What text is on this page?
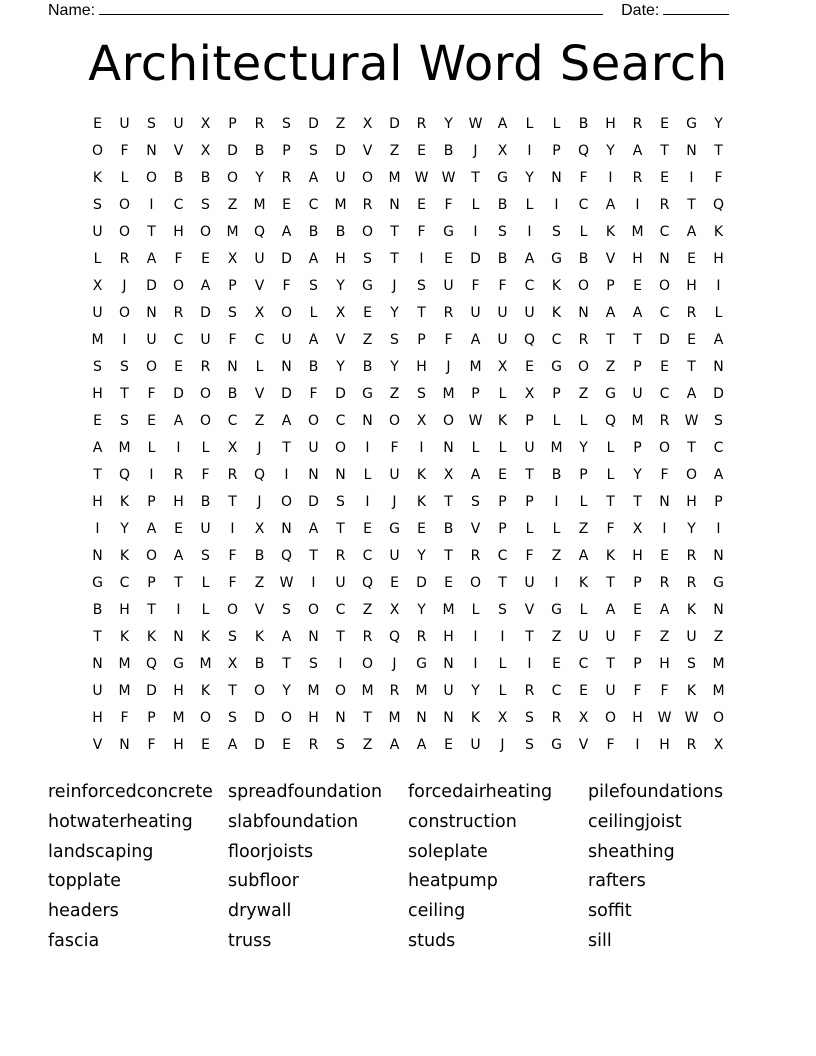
Name:	Date:
Architectural Word Search
E	U	S	U	X	P	R	S	D	Z	X	D	R	Y	W	A	L	L	B	H	R	E	G	Y
O	F	N	V	X	D	B	P	S	D	V	Z	E	B	J	X	I	P	Q	Y	A	T	N	T
K	L	O	B	B	O	Y	R	A	U	O	M	W W	T	G	Y	N	F	I	R	E	I	F
S	O	I	C	S	Z	M	E	C	M	R	N	E	F	L	B	L	I	C	A	I	R	T	Q
U	O	T	H	O	M	Q	A	B	B	O	T	F	G	I	S	I	S	L	K	M	C	A	K
L	R	A	F	E	X	U	D	A	H	S	T	I	E	D	B	A	G	B	V	H	N	E	H
X	J	D	O	A	P	V	F	S	Y	G	J	S	U	F	F	C	K	O	P	E	O	H	I
U	O	N	R	D	S	X	O	L	X	E	Y	T	R	U	U	U	K	N	A	A	C	R	L
M	I	U	C	U	F	C	U	A	V	Z	S	P	F	A	U	Q	C	R	T	T	D	E	A
S	S	O	E	R	N	L	N	B	Y	B	Y	H	J	M	X	E	G	O	Z	P	E	T	N
H	T	F	D	O	B	V	D	F	D	G	Z	S	M	P	L	X	P	Z	G	U	C	A	D
E	S	E	A	O	C	Z	A	O	C	N	O	X	O	W	K	P	L	L	Q	M	R	W	S
A	M	L	I	L	X	J	T	U	O	I	F	I	N	L	L	U	M	Y	L	P	O	T	C
T	Q	I	R	F	R	Q	I	N	N	L	U	K	X	A	E	T	B	P	L	Y	F	O	A
H	K	P	H	B	T	J	O	D	S	I	J	K	T	S	P	P	I	L	T	T	N	H	P
I	Y	A	E	U	I	X	N	A	T	E	G	E	B	V	P	L	L	Z	F	X	I	Y	I
N	K	O	A	S	F	B	Q	T	R	C	U	Y	T	R	C	F	Z	A	K	H	E	R	N
G	C	P	T	L	F	Z	W	I	U	Q	E	D	E	O	T	U	I	K	T	P	R	R	G
B	H	T	I	L	O	V	S	O	C	Z	X	Y	M	L	S	V	G	L	A	E	A	K	N
T	K	K	N	K	S	K	A	N	T	R	Q	R	H	I	I	T	Z	U	U	F	Z	U	Z
N	M	Q	G	M	X	B	T	S	I	O	J	G	N	I	L	I	E	C	T	P	H	S	M
U	M	D	H	K	T	O	Y	M	O	M	R	M	U	Y	L	R	C	E	U	F	F	K	M
H	F	P	M	O	S	D	O	H	N	T	M	N	N	K	X	S	R	X	O	H	W W	O
V	N	F	H	E	A	D	E	R	S	Z	A	A	E	U	J	S	G	V	F	I	H	R	X
reinforcedconcrete spreadfoundation	forcedairheating	pilefoundations
hotwaterheating	slabfoundation	construction	ceilingjoist
landscaping	floorjoists	soleplate	sheathing
topplate	subfloor	heatpump	rafters
headers	drywall	ceiling	soffit
fascia	truss	studs	sill
